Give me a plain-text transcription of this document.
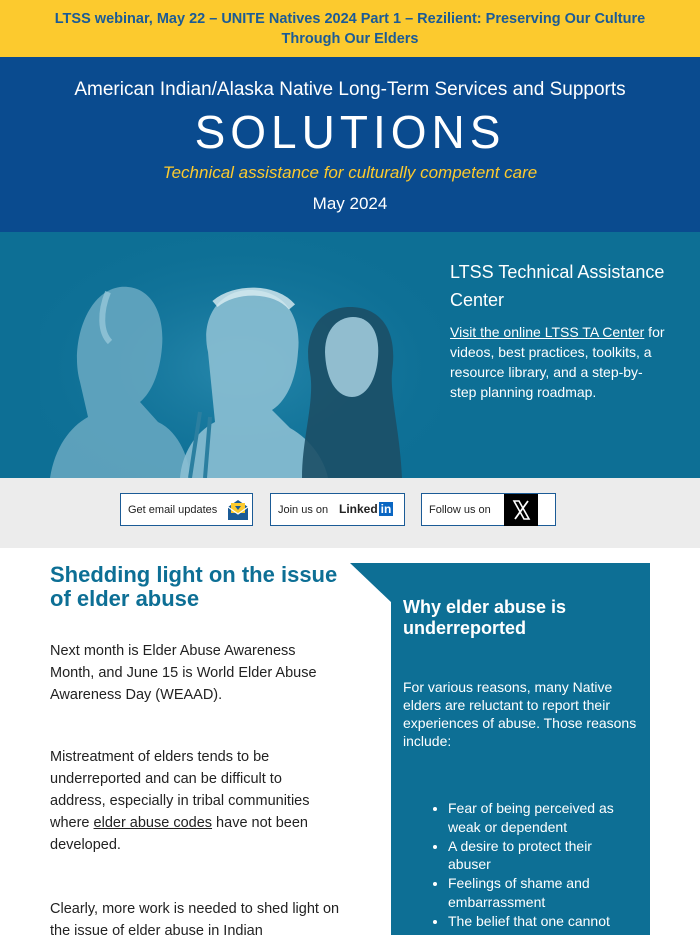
LTSS webinar, May 22 – UNITE Natives 2024 Part 1 – Rezilient: Preserving Our Culture Through Our Elders
American Indian/Alaska Native Long-Term Services and Supports
SOLUTIONS
Technical assistance for culturally competent care
May 2024
LTSS Technical Assistance Center
Visit the online LTSS TA Center for videos, best practices, toolkits, a resource library, and a step-by-step planning roadmap.
Get email updates	Join us on Linked in	Follow us on
Shedding light on the issue of elder abuse

Next month is Elder Abuse Awareness Month, and June 15 is World Elder Abuse Awareness Day (WEAAD).

Mistreatment of elders tends to be underreported and can be difficult to address, especially in tribal communities where elder abuse codes have not been developed.

Clearly, more work is needed to shed light on the issue of elder abuse in Indian

Why elder abuse is underreported

For various reasons, many Native elders are reluctant to report their experiences of abuse. Those reasons include:

• Fear of being perceived as weak or dependent
• A desire to protect their abuser
• Feelings of shame and embarrassment
• The belief that one cannot
